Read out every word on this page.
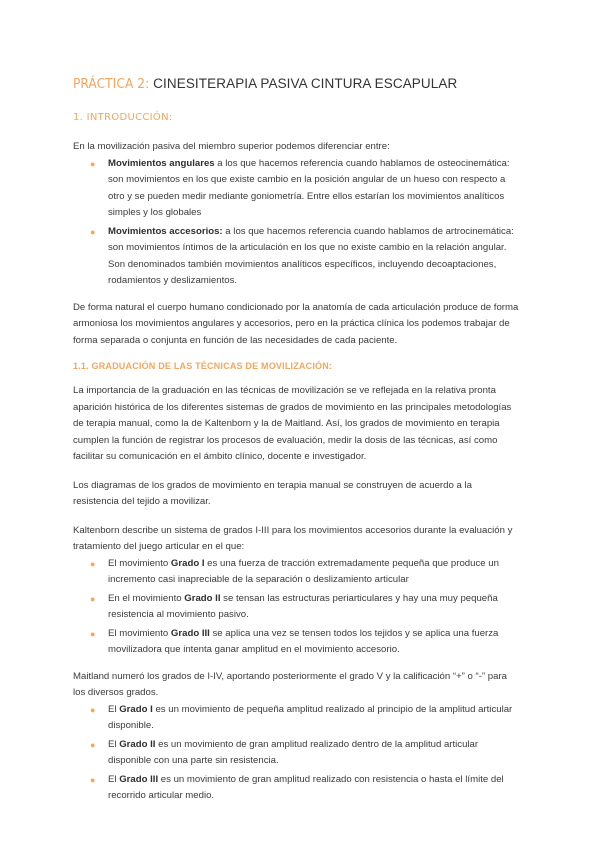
PRÁCTICA 2: CINESITERAPIA PASIVA CINTURA ESCAPULAR
1. INTRODUCCIÓN:

En la movilización pasiva del miembro superior podemos diferenciar entre:

● Movimientos angulares a los que hacemos referencia cuando hablamos de osteocinemática: son movimientos en los que existe cambio en la posición angular de un hueso con respecto a otro y se pueden medir mediante goniometría. Entre ellos estarían los movimientos analíticos simples y los globales
● Movimientos accesorios: a los que hacemos referencia cuando hablamos de artrocinemática: son movimientos íntimos de la articulación en los que no existe cambio en la relación angular. Son denominados también movimientos analíticos específicos, incluyendo decoaptaciones, rodamientos y deslizamientos.

De forma natural el cuerpo humano condicionado por la anatomía de cada articulación produce de forma armoniosa los movimientos angulares y accesorios, pero en la práctica clínica los podemos trabajar de forma separada o conjunta en función de las necesidades de cada paciente.

1.1. GRADUACIÓN DE LAS TÉCNICAS DE MOVILIZACIÓN:

La importancia de la graduación en las técnicas de movilización se ve reflejada en la relativa pronta aparición histórica de los diferentes sistemas de grados de movimiento en las principales metodologías de terapia manual, como la de Kaltenborn y la de Maitland. Así, los grados de movimiento en terapia cumplen la función de registrar los procesos de evaluación, medir la dosis de las técnicas, así como facilitar su comunicación en el ámbito clínico, docente e investigador.

Los diagramas de los grados de movimiento en terapia manual se construyen de acuerdo a la resistencia del tejido a movilizar.

Kaltenborn describe un sistema de grados I-III para los movimientos accesorios durante la evaluación y tratamiento del juego articular en el que:

● El movimiento Grado I es una fuerza de tracción extremadamente pequeña que produce un incremento casi inapreciable de la separación o deslizamiento articular
● En el movimiento Grado II se tensan las estructuras periarticulares y hay una muy pequeña resistencia al movimiento pasivo.
● El movimiento Grado III se aplica una vez se tensen todos los tejidos y se aplica una fuerza movilizadora que intenta ganar amplitud en el movimiento accesorio.

Maitland numeró los grados de I-IV, aportando posteriormente el grado V y la calificación “+” o “-” para los diversos grados.

● El Grado I es un movimiento de pequeña amplitud realizado al principio de la amplitud articular disponible.
● El Grado II es un movimiento de gran amplitud realizado dentro de la amplitud articular disponible con una parte sin resistencia.
● El Grado III es un movimiento de gran amplitud realizado con resistencia o hasta el límite del recorrido articular medio.
